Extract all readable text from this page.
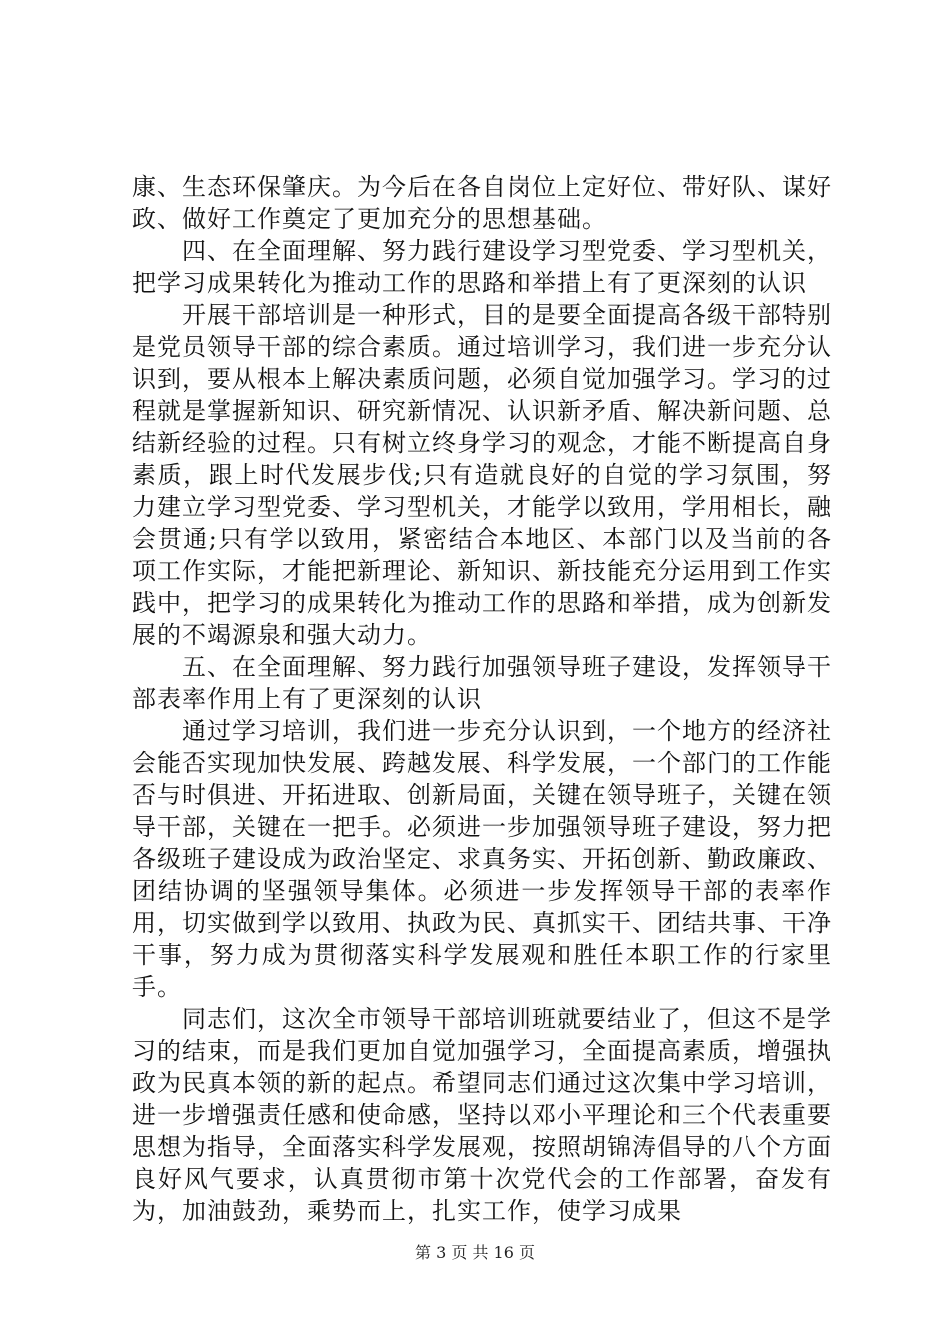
康、生态环保肇庆。为今后在各自岗位上定好位、带好队、谋好政、做好工作奠定了更加充分的思想基础。

四、在全面理解、努力践行建设学习型党委、学习型机关，把学习成果转化为推动工作的思路和举措上有了更深刻的认识

开展干部培训是一种形式，目的是要全面提高各级干部特别是党员领导干部的综合素质。通过培训学习，我们进一步充分认识到，要从根本上解决素质问题，必须自觉加强学习。学习的过程就是掌握新知识、研究新情况、认识新矛盾、解决新问题、总结新经验的过程。只有树立终身学习的观念，才能不断提高自身素质，跟上时代发展步伐;只有造就良好的自觉的学习氛围，努力建立学习型党委、学习型机关，才能学以致用，学用相长，融会贯通;只有学以致用，紧密结合本地区、本部门以及当前的各项工作实际，才能把新理论、新知识、新技能充分运用到工作实践中，把学习的成果转化为推动工作的思路和举措，成为创新发展的不竭源泉和强大动力。

五、在全面理解、努力践行加强领导班子建设，发挥领导干部表率作用上有了更深刻的认识

通过学习培训，我们进一步充分认识到，一个地方的经济社会能否实现加快发展、跨越发展、科学发展，一个部门的工作能否与时俱进、开拓进取、创新局面，关键在领导班子，关键在领导干部，关键在一把手。必须进一步加强领导班子建设，努力把各级班子建设成为政治坚定、求真务实、开拓创新、勤政廉政、团结协调的坚强领导集体。必须进一步发挥领导干部的表率作用，切实做到学以致用、执政为民、真抓实干、团结共事、干净干事，努力成为贯彻落实科学发展观和胜任本职工作的行家里手。

同志们，这次全市领导干部培训班就要结业了，但这不是学习的结束，而是我们更加自觉加强学习，全面提高素质，增强执政为民真本领的新的起点。希望同志们通过这次集中学习培训，进一步增强责任感和使命感，坚持以邓小平理论和三个代表重要思想为指导，全面落实科学发展观，按照胡锦涛倡导的八个方面良好风气要求，认真贯彻市第十次党代会的工作部署，奋发有为，加油鼓劲，乘势而上，扎实工作，使学习成果

第 3 页 共 16 页
